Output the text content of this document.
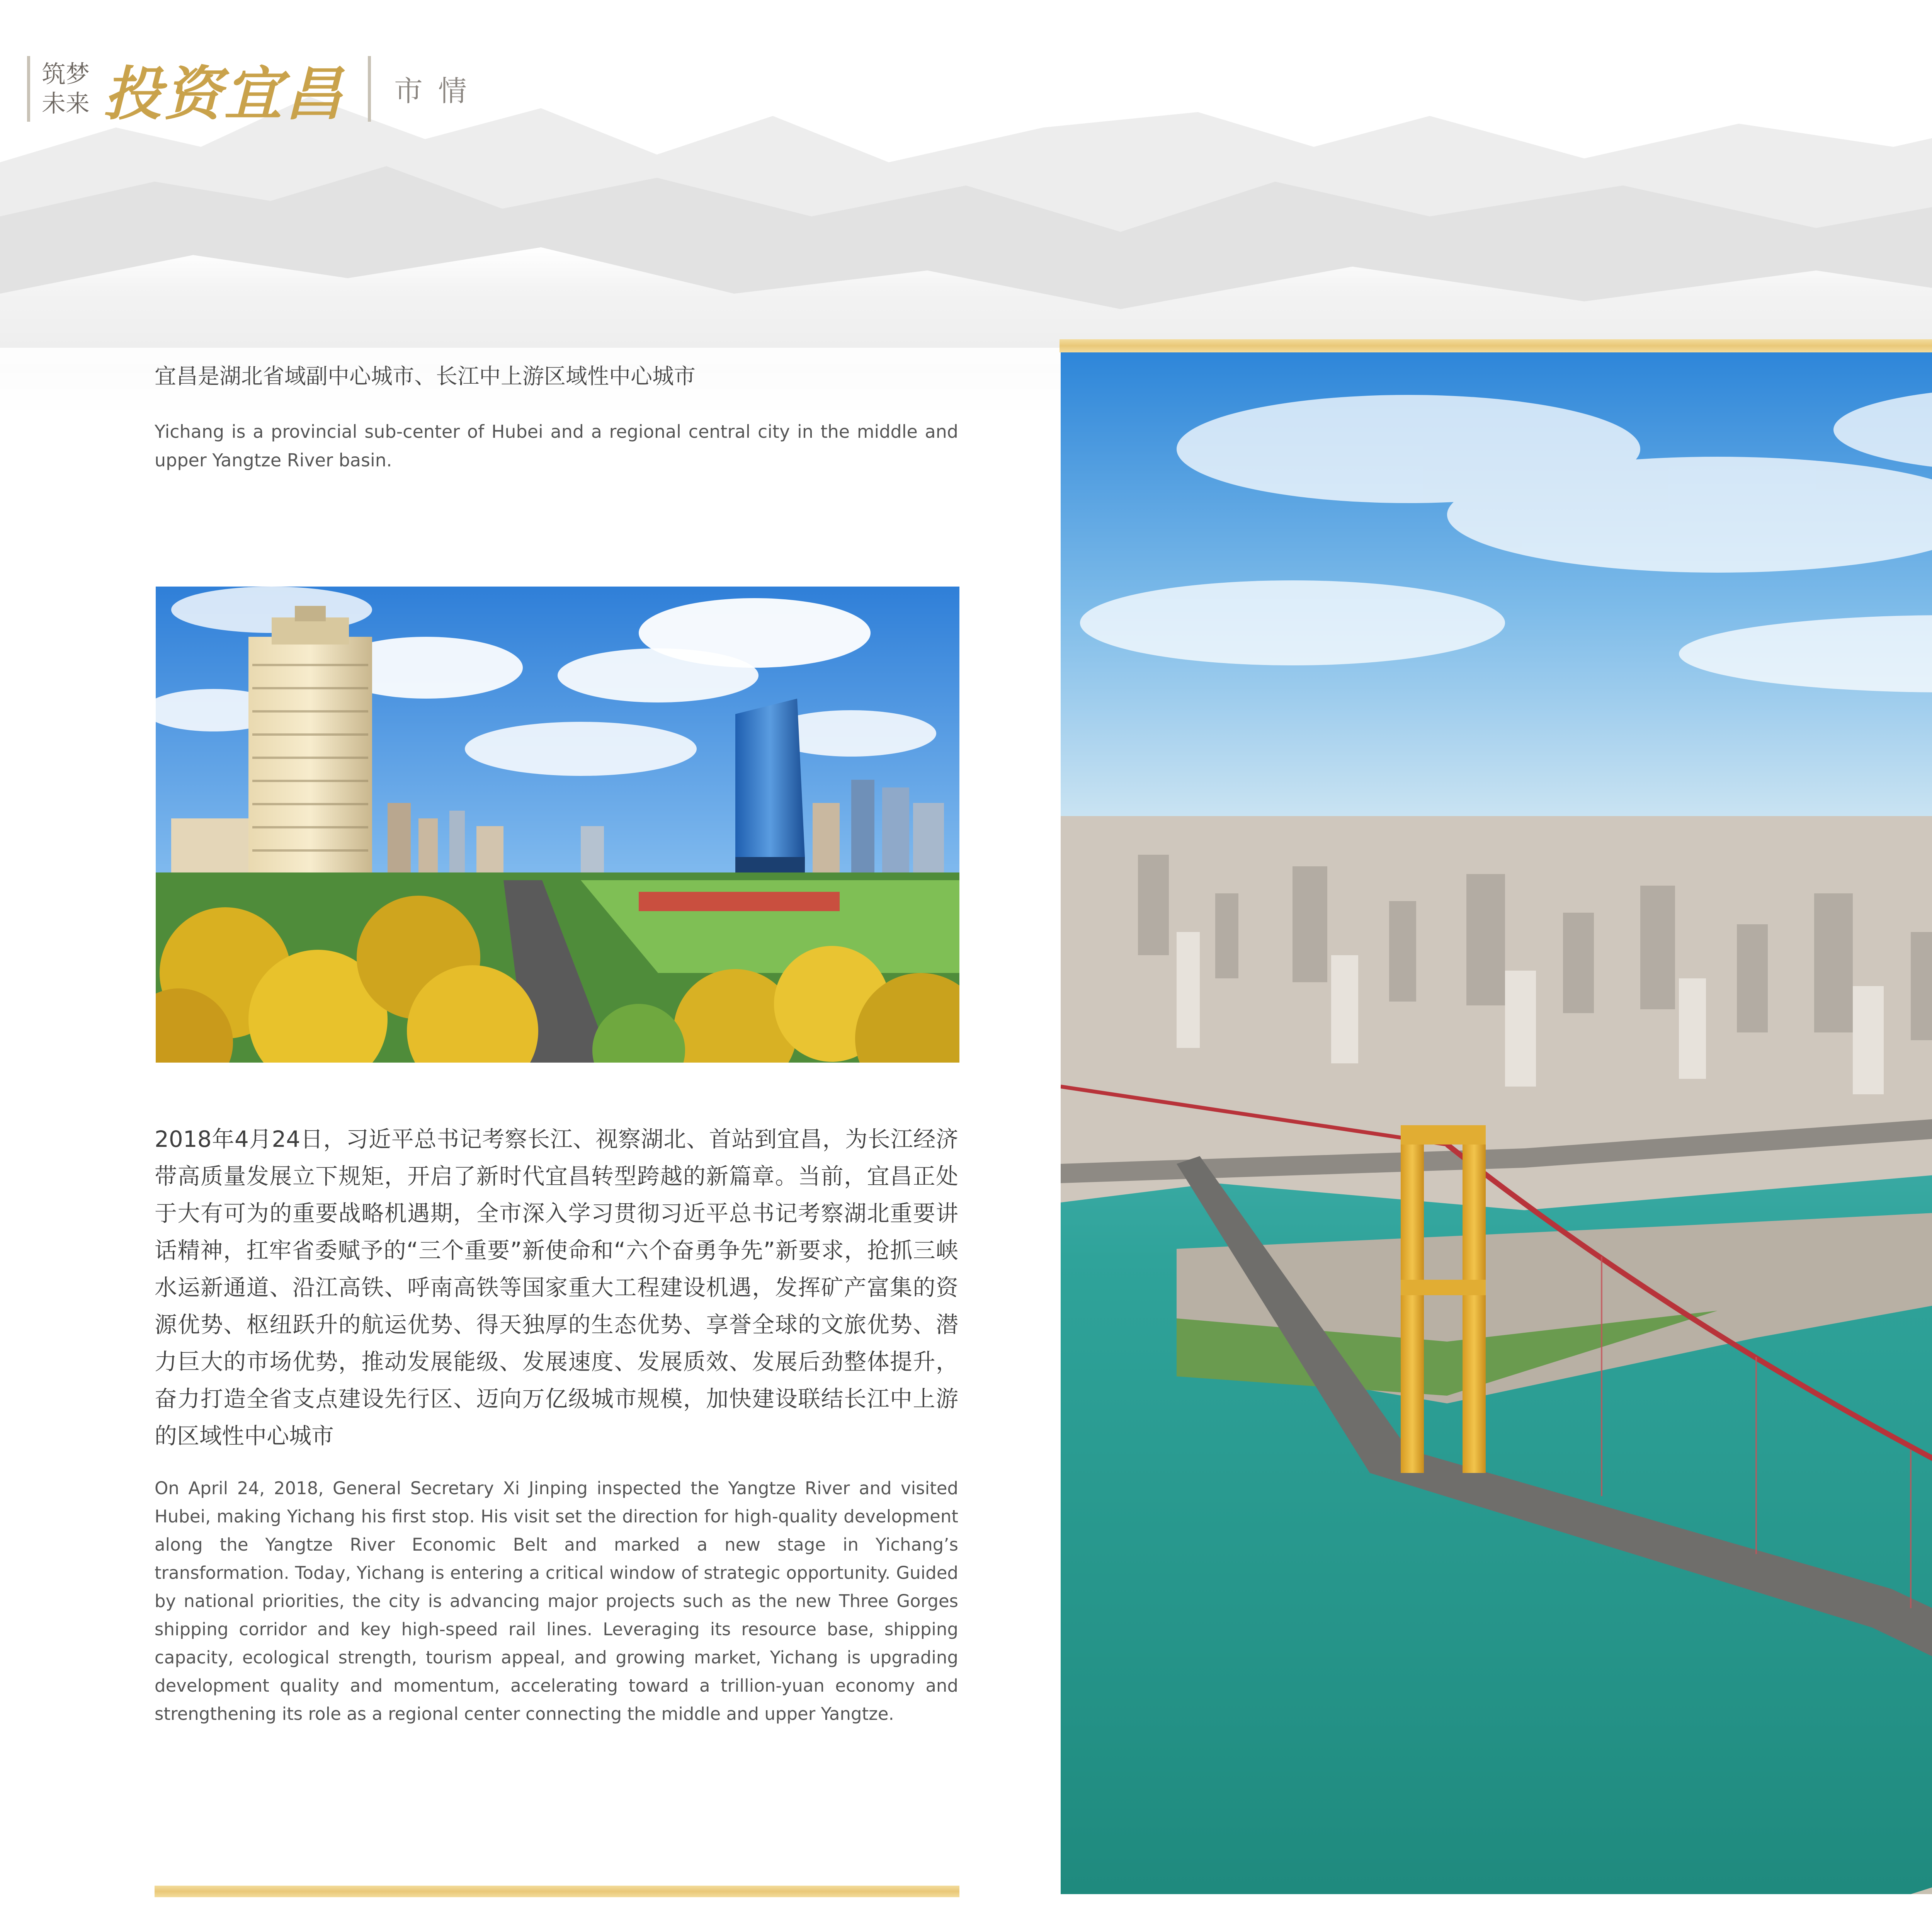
筑梦
未来 投资宜昌 市情
宜昌是湖北省域副中心城市、长江中上游区域性中心城市
Yichang is a provincial sub-center of Hubei and a regional central city in the middle and upper Yangtze River basin.
2018年4月24日，习近平总书记考察长江、视察湖北、首站到宜昌，为长江经济带高质量发展立下规矩，开启了新时代宜昌转型跨越的新篇章。当前，宜昌正处于大有可为的重要战略机遇期，全市深入学习贯彻习近平总书记考察湖北重要讲话精神，扛牢省委赋予的“三个重要”新使命和“六个奋勇争先”新要求，抢抓三峡水运新通道、沿江高铁、呼南高铁等国家重大工程建设机遇，发挥矿产富集的资源优势、枢纽跃升的航运优势、得天独厚的生态优势、享誉全球的文旅优势、潜力巨大的市场优势，推动发展能级、发展速度、发展质效、发展后劲整体提升，奋力打造全省支点建设先行区、迈向万亿级城市规模，加快建设联结长江中上游的区域性中心城市
On April 24, 2018, General Secretary Xi Jinping inspected the Yangtze River and visited Hubei, making Yichang his first stop. His visit set the direction for high-quality development along the Yangtze River Economic Belt and marked a new stage in Yichang’s transformation. Today, Yichang is entering a critical window of strategic opportunity. Guided by national priorities, the city is advancing major projects such as the new Three Gorges shipping corridor and key high-speed rail lines. Leveraging its resource base, shipping capacity, ecological strength, tourism appeal, and growing market, Yichang is upgrading development quality and momentum, accelerating toward a trillion-yuan economy and strengthening its role as a regional center connecting the middle and upper Yangtze.
